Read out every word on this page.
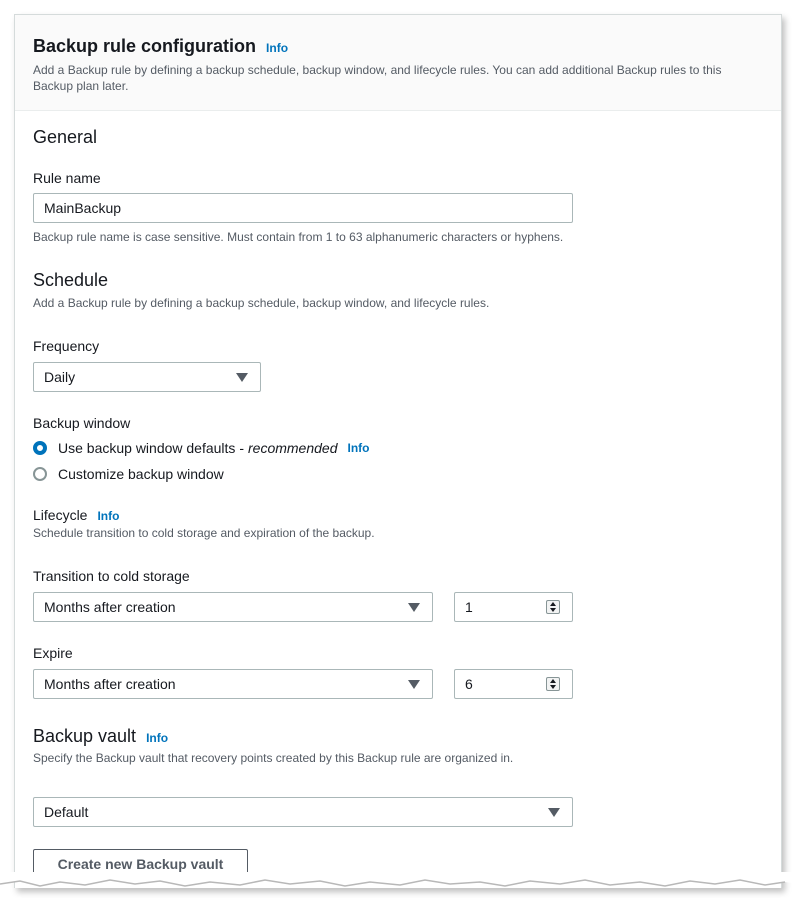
Backup rule configuration Info
Add a Backup rule by defining a backup schedule, backup window, and lifecycle rules. You can add additional Backup rules to this Backup plan later.
General
Rule name
MainBackup
Backup rule name is case sensitive. Must contain from 1 to 63 alphanumeric characters or hyphens.
Schedule
Add a Backup rule by defining a backup schedule, backup window, and lifecycle rules.
Frequency
Daily
Backup window
Use backup window defaults - recommended Info
Customize backup window
Lifecycle Info
Schedule transition to cold storage and expiration of the backup.
Transition to cold storage
Months after creation	1
Expire
Months after creation	6
Backup vault Info
Specify the Backup vault that recovery points created by this Backup rule are organized in.
Default
Create new Backup vault
